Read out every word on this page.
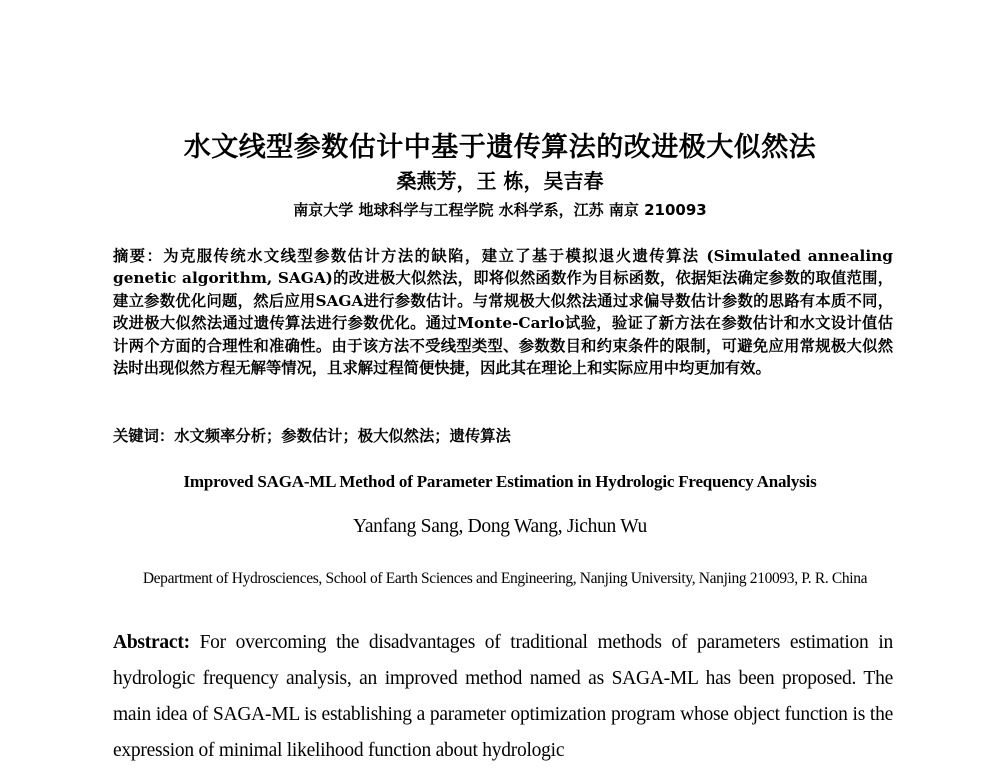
水文线型参数估计中基于遗传算法的改进极大似然法
桑燕芳，王 栋，吴吉春
南京大学 地球科学与工程学院 水科学系，江苏 南京 210093
摘要：为克服传统水文线型参数估计方法的缺陷，建立了基于模拟退火遗传算法 (Simulated annealing genetic algorithm, SAGA)的改进极大似然法，即将似然函数作为目标函数，依据矩法确定参数的取值范围，建立参数优化问题，然后应用SAGA进行参数估计。与常规极大似然法通过求偏导数估计参数的思路有本质不同，改进极大似然法通过遗传算法进行参数优化。通过Monte-Carlo试验，验证了新方法在参数估计和水文设计值估计两个方面的合理性和准确性。由于该方法不受线型类型、参数数目和约束条件的限制，可避免应用常规极大似然法时出现似然方程无解等情况，且求解过程简便快捷，因此其在理论上和实际应用中均更加有效。
关键词：水文频率分析；参数估计；极大似然法；遗传算法
Improved SAGA-ML Method of Parameter Estimation in Hydrologic Frequency Analysis
Yanfang Sang, Dong Wang, Jichun Wu
Department of Hydrosciences, School of Earth Sciences and Engineering, Nanjing University, Nanjing 210093, P. R. China
Abstract: For overcoming the disadvantages of traditional methods of parameters estimation in hydrologic frequency analysis, an improved method named as SAGA-ML has been proposed. The main idea of SAGA-ML is establishing a parameter optimization program whose object function is the expression of minimal likelihood function about hydrologic
